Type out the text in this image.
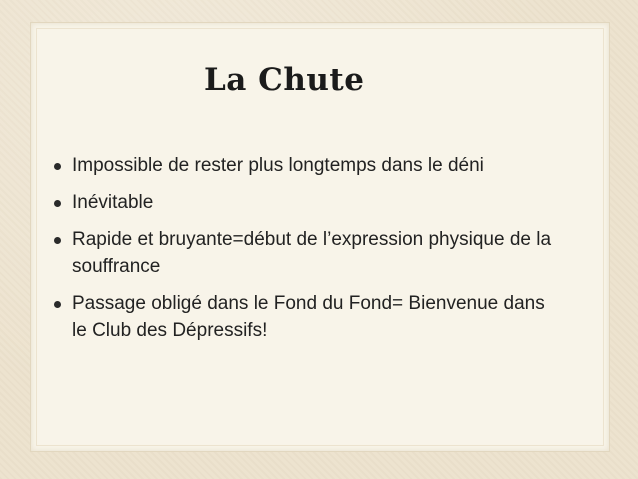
La Chute
Impossible de rester plus longtemps dans le déni
Inévitable
Rapide et bruyante=début de l’expression physique de la souffrance
Passage obligé dans le Fond du Fond= Bienvenue dans le Club des Dépressifs!
